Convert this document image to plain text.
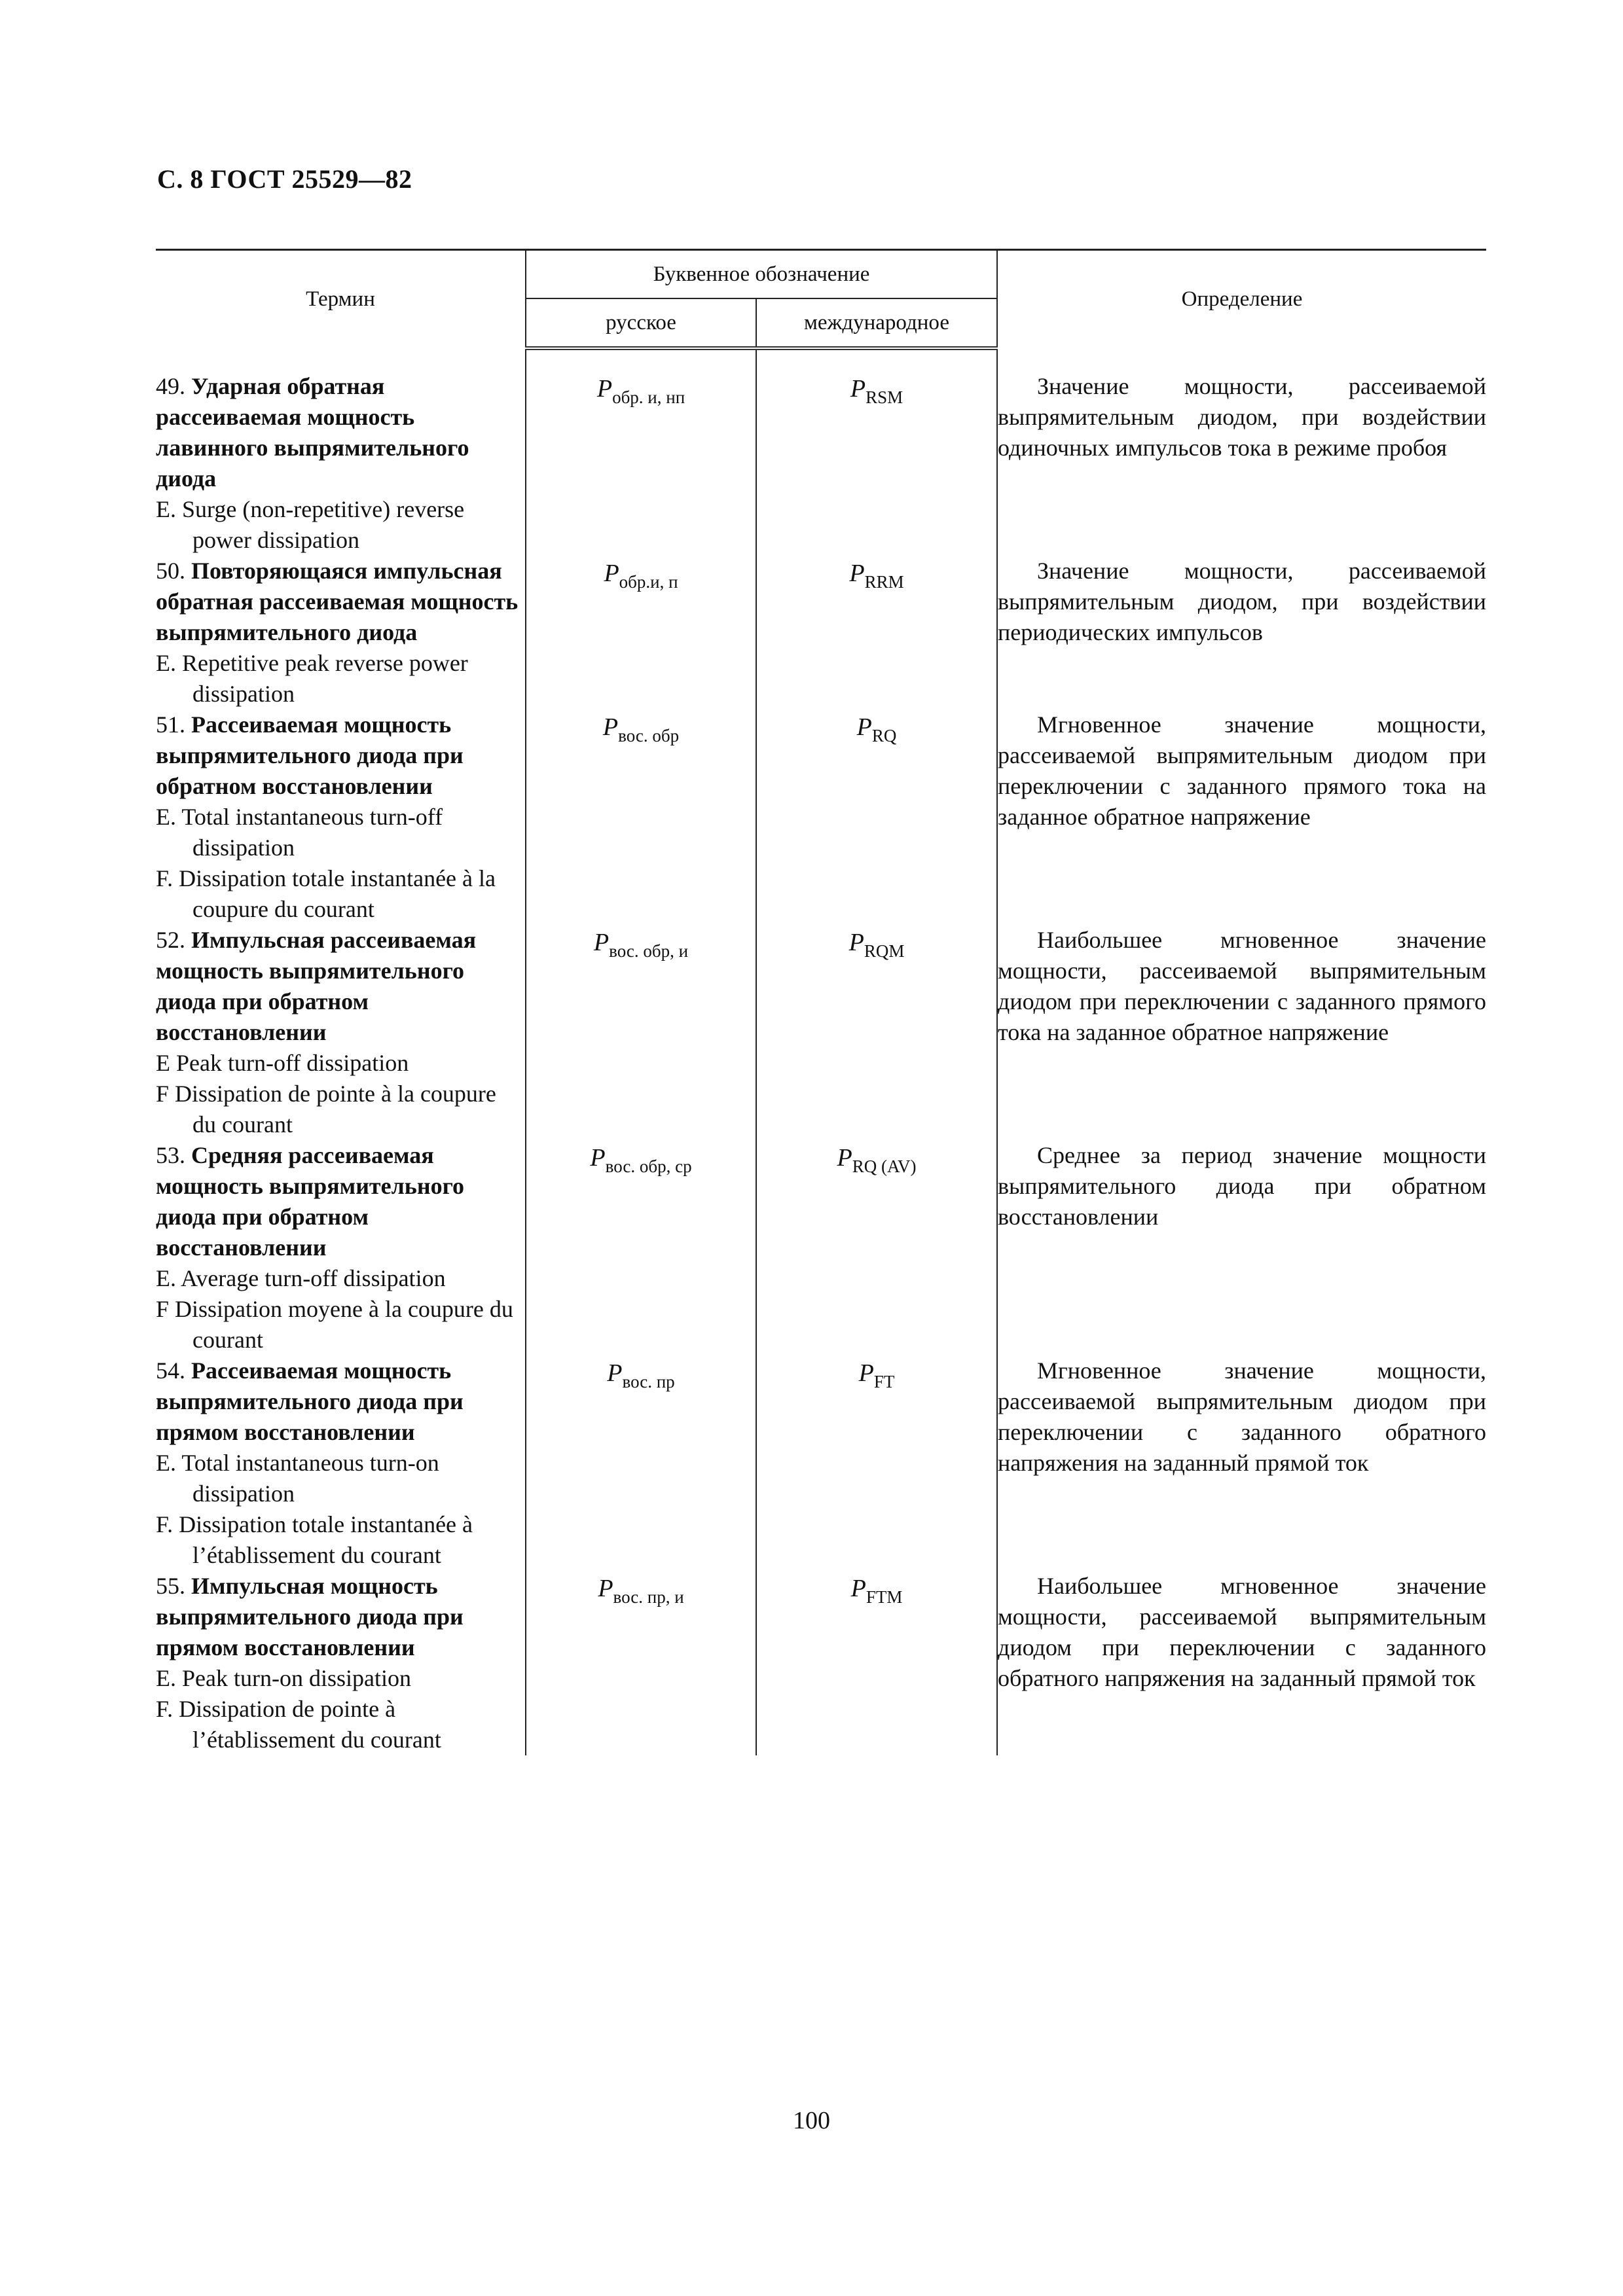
С. 8 ГОСТ 25529—82
Термин	Буквенное обозначение		Определение
	русское	международное	

49. Ударная обратная рассеиваемая мощность лавинного выпрямительного диода
E. Surge (non-repetitive) reverse power dissipation	$P_{обр. и, нп}$	$P_{RSM}$	Значение мощности, рассеиваемой выпрямительным диодом, при воздействии одиночных импульсов тока в режиме пробоя

50. Повторяющаяся импульсная обратная рассеиваемая мощность выпрямительного диода
E. Repetitive peak reverse power dissipation	$P_{обр.и, п}$	$P_{RRM}$	Значение мощности, рассеиваемой выпрямительным диодом, при воздействии периодических импульсов

51. Рассеиваемая мощность выпрямительного диода при обратном восстановлении
E. Total instantaneous turn-off dissipation
F. Dissipation totale instantanée à la coupure du courant	$P_{вос. обр}$	$P_{RQ}$	Мгновенное значение мощности, рассеиваемой выпрямительным диодом при переключении с заданного прямого тока на заданное обратное напряжение

52. Импульсная рассеиваемая мощность выпрямительного диода при обратном восстановлении
E Peak turn-off dissipation
F Dissipation de pointe à la coupure du courant	$P_{вос. обр, и}$	$P_{RQM}$	Наибольшее мгновенное значение мощности, рассеиваемой выпрямительным диодом при переключении с заданного прямого тока на заданное обратное напряжение

53. Средняя рассеиваемая мощность выпрямительного диода при обратном восстановлении
E. Average turn-off dissipation
F Dissipation moyene à la coupure du courant	$P_{вос. обр, ср}$	$P_{RQ (AV)}$	Среднее за период значение мощности выпрямительного диода при обратном восстановлении

54. Рассеиваемая мощность выпрямительного диода при прямом восстановлении
E. Total instantaneous turn-on dissipation
F. Dissipation totale instantanée à l’établissement du courant	$P_{вос. пр}$	$P_{FT}$	Мгновенное значение мощности, рассеиваемой выпрямительным диодом при переключении с заданного обратного напряжения на заданный прямой ток

55. Импульсная мощность выпрямительного диода при прямом восстановлении
E. Peak turn-on dissipation
F. Dissipation de pointe à l’établissement du courant	$P_{вос. пр, и}$	$P_{FTM}$	Наибольшее мгновенное значение мощности, рассеиваемой выпрямительным диодом при переключении с заданного обратного напряжения на заданный прямой ток
100
